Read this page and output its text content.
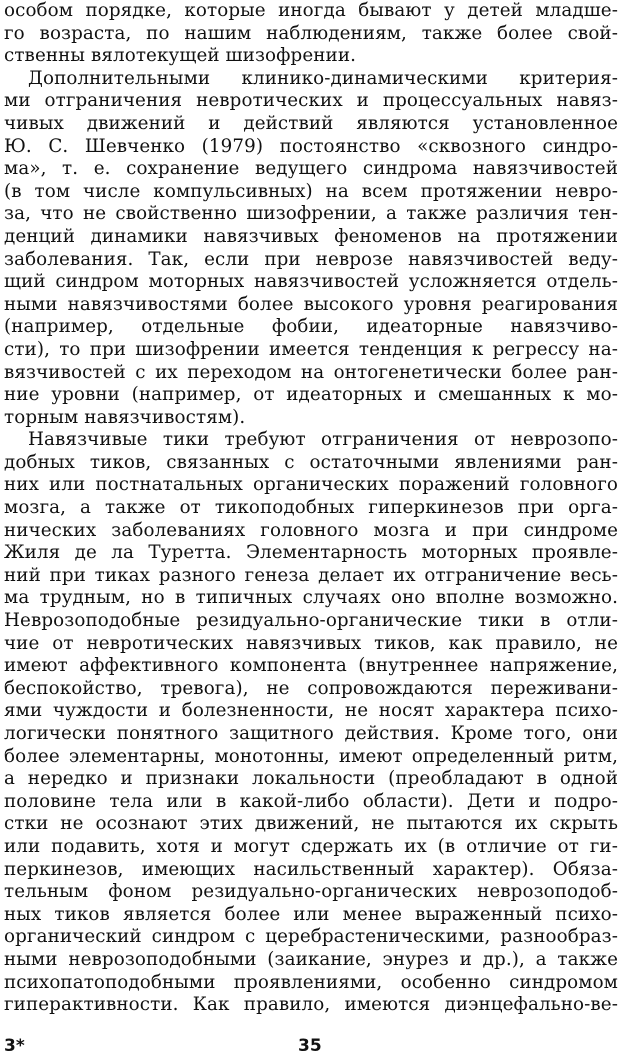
особом порядке, которые иногда бывают у детей младше-
го возраста, по нашим наблюдениям, также более свой-
ственны вялотекущей шизофрении.
Дополнительными клинико-динамическими критерия-
ми отграничения невротических и процессуальных навяз-
чивых движений и действий являются установленное
Ю. С. Шевченко (1979) постоянство «сквозного синдро-
ма», т. е. сохранение ведущего синдрома навязчивостей
(в том числе компульсивных) на всем протяжении невро-
за, что не свойственно шизофрении, а также различия тен-
денций динамики навязчивых феноменов на протяжении
заболевания. Так, если при неврозе навязчивостей веду-
щий синдром моторных навязчивостей усложняется отдель-
ными навязчивостями более высокого уровня реагирования
(например, отдельные фобии, идеаторные навязчиво-
сти), то при шизофрении имеется тенденция к регрессу на-
вязчивостей с их переходом на онтогенетически более ран-
ние уровни (например, от идеаторных и смешанных к мо-
торным навязчивостям).
Навязчивые тики требуют отграничения от неврозопо-
добных тиков, связанных с остаточными явлениями ран-
них или постнатальных органических поражений головного
мозга, а также от тикоподобных гиперкинезов при орга-
нических заболеваниях головного мозга и при синдроме
Жиля де ла Туретта. Элементарность моторных проявле-
ний при тиках разного генеза делает их отграничение весь-
ма трудным, но в типичных случаях оно вполне возможно.
Неврозоподобные резидуально-органические тики в отли-
чие от невротических навязчивых тиков, как правило, не
имеют аффективного компонента (внутреннее напряжение,
беспокойство, тревога), не сопровождаются переживани-
ями чуждости и болезненности, не носят характера психо-
логически понятного защитного действия. Кроме того, они
более элементарны, монотонны, имеют определенный ритм,
а нередко и признаки локальности (преобладают в одной
половине тела или в какой-либо области). Дети и подро-
стки не осознают этих движений, не пытаются их скрыть
или подавить, хотя и могут сдержать их (в отличие от ги-
перкинезов, имеющих насильственный характер). Обяза-
тельным фоном резидуально-органических неврозоподоб-
ных тиков является более или менее выраженный психо-
органический синдром с церебрастеническими, разнообраз-
ными неврозоподобными (заикание, энурез и др.), а также
психопатоподобными проявлениями, особенно синдромом
гиперактивности. Как правило, имеются диэнцефально-ве-
3*	35
